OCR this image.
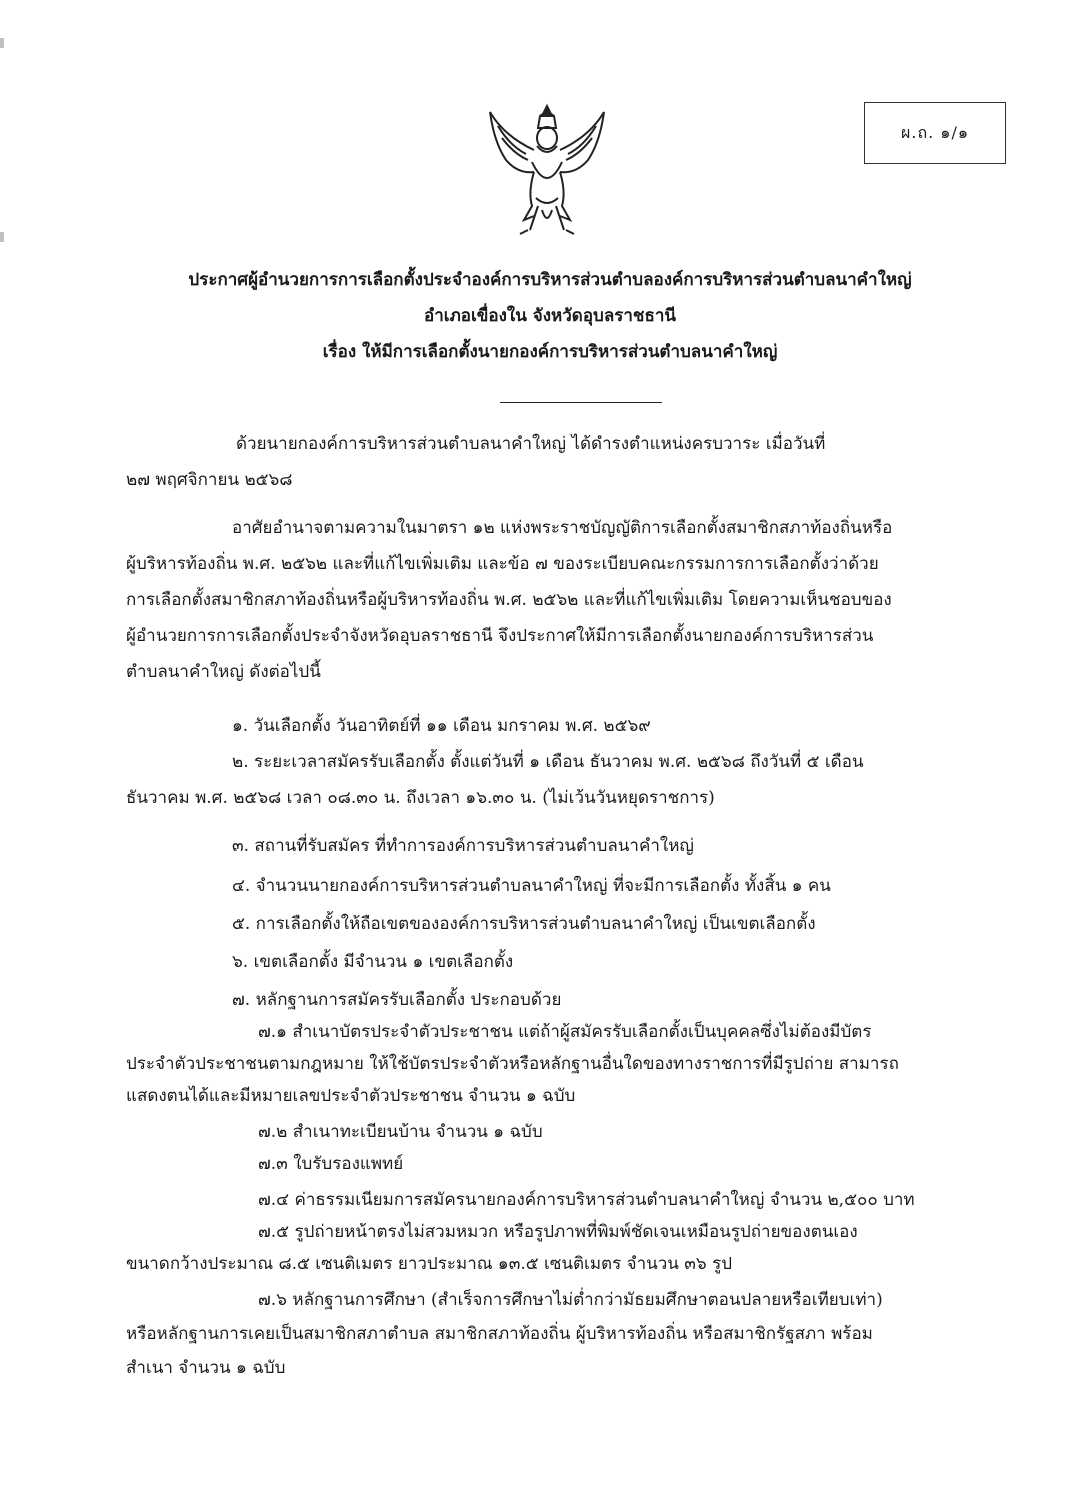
ผ.ถ. ๑/๑
ประกาศผู้อำนวยการการเลือกตั้งประจำองค์การบริหารส่วนตำบลองค์การบริหารส่วนตำบลนาคำใหญ่
อำเภอเขื่องใน จังหวัดอุบลราชธานี
เรื่อง ให้มีการเลือกตั้งนายกองค์การบริหารส่วนตำบลนาคำใหญ่
ด้วยนายกองค์การบริหารส่วนตำบลนาคำใหญ่ ได้ดำรงตำแหน่งครบวาระ เมื่อวันที่
๒๗ พฤศจิกายน ๒๕๖๘
อาศัยอำนาจตามความในมาตรา ๑๒ แห่งพระราชบัญญัติการเลือกตั้งสมาชิกสภาท้องถิ่นหรือ
ผู้บริหารท้องถิ่น พ.ศ. ๒๕๖๒ และที่แก้ไขเพิ่มเติม และข้อ ๗ ของระเบียบคณะกรรมการการเลือกตั้งว่าด้วย
การเลือกตั้งสมาชิกสภาท้องถิ่นหรือผู้บริหารท้องถิ่น พ.ศ. ๒๕๖๒ และที่แก้ไขเพิ่มเติม โดยความเห็นชอบของ
ผู้อำนวยการการเลือกตั้งประจำจังหวัดอุบลราชธานี จึงประกาศให้มีการเลือกตั้งนายกองค์การบริหารส่วน
ตำบลนาคำใหญ่ ดังต่อไปนี้
๑. วันเลือกตั้ง วันอาทิตย์ที่ ๑๑ เดือน มกราคม พ.ศ. ๒๕๖๙
๒. ระยะเวลาสมัครรับเลือกตั้ง ตั้งแต่วันที่ ๑ เดือน ธันวาคม พ.ศ. ๒๕๖๘ ถึงวันที่ ๕ เดือน
ธันวาคม พ.ศ. ๒๕๖๘ เวลา ๐๘.๓๐ น. ถึงเวลา ๑๖.๓๐ น. (ไม่เว้นวันหยุดราชการ)
๓. สถานที่รับสมัคร ที่ทำการองค์การบริหารส่วนตำบลนาคำใหญ่
๔. จำนวนนายกองค์การบริหารส่วนตำบลนาคำใหญ่ ที่จะมีการเลือกตั้ง ทั้งสิ้น ๑ คน
๕. การเลือกตั้งให้ถือเขตขององค์การบริหารส่วนตำบลนาคำใหญ่ เป็นเขตเลือกตั้ง
๖. เขตเลือกตั้ง มีจำนวน ๑ เขตเลือกตั้ง
๗. หลักฐานการสมัครรับเลือกตั้ง ประกอบด้วย
๗.๑ สำเนาบัตรประจำตัวประชาชน แต่ถ้าผู้สมัครรับเลือกตั้งเป็นบุคคลซึ่งไม่ต้องมีบัตร
ประจำตัวประชาชนตามกฎหมาย ให้ใช้บัตรประจำตัวหรือหลักฐานอื่นใดของทางราชการที่มีรูปถ่าย สามารถ
แสดงตนได้และมีหมายเลขประจำตัวประชาชน จำนวน ๑ ฉบับ
๗.๒ สำเนาทะเบียนบ้าน จำนวน ๑ ฉบับ
๗.๓ ใบรับรองแพทย์
๗.๔ ค่าธรรมเนียมการสมัครนายกองค์การบริหารส่วนตำบลนาคำใหญ่ จำนวน ๒,๕๐๐ บาท
๗.๕ รูปถ่ายหน้าตรงไม่สวมหมวก หรือรูปภาพที่พิมพ์ชัดเจนเหมือนรูปถ่ายของตนเอง
ขนาดกว้างประมาณ ๘.๕ เซนติเมตร ยาวประมาณ ๑๓.๕ เซนติเมตร จำนวน ๓๖ รูป
๗.๖ หลักฐานการศึกษา (สำเร็จการศึกษาไม่ต่ำกว่ามัธยมศึกษาตอนปลายหรือเทียบเท่า)
หรือหลักฐานการเคยเป็นสมาชิกสภาตำบล สมาชิกสภาท้องถิ่น ผู้บริหารท้องถิ่น หรือสมาชิกรัฐสภา พร้อม
สำเนา จำนวน ๑ ฉบับ
